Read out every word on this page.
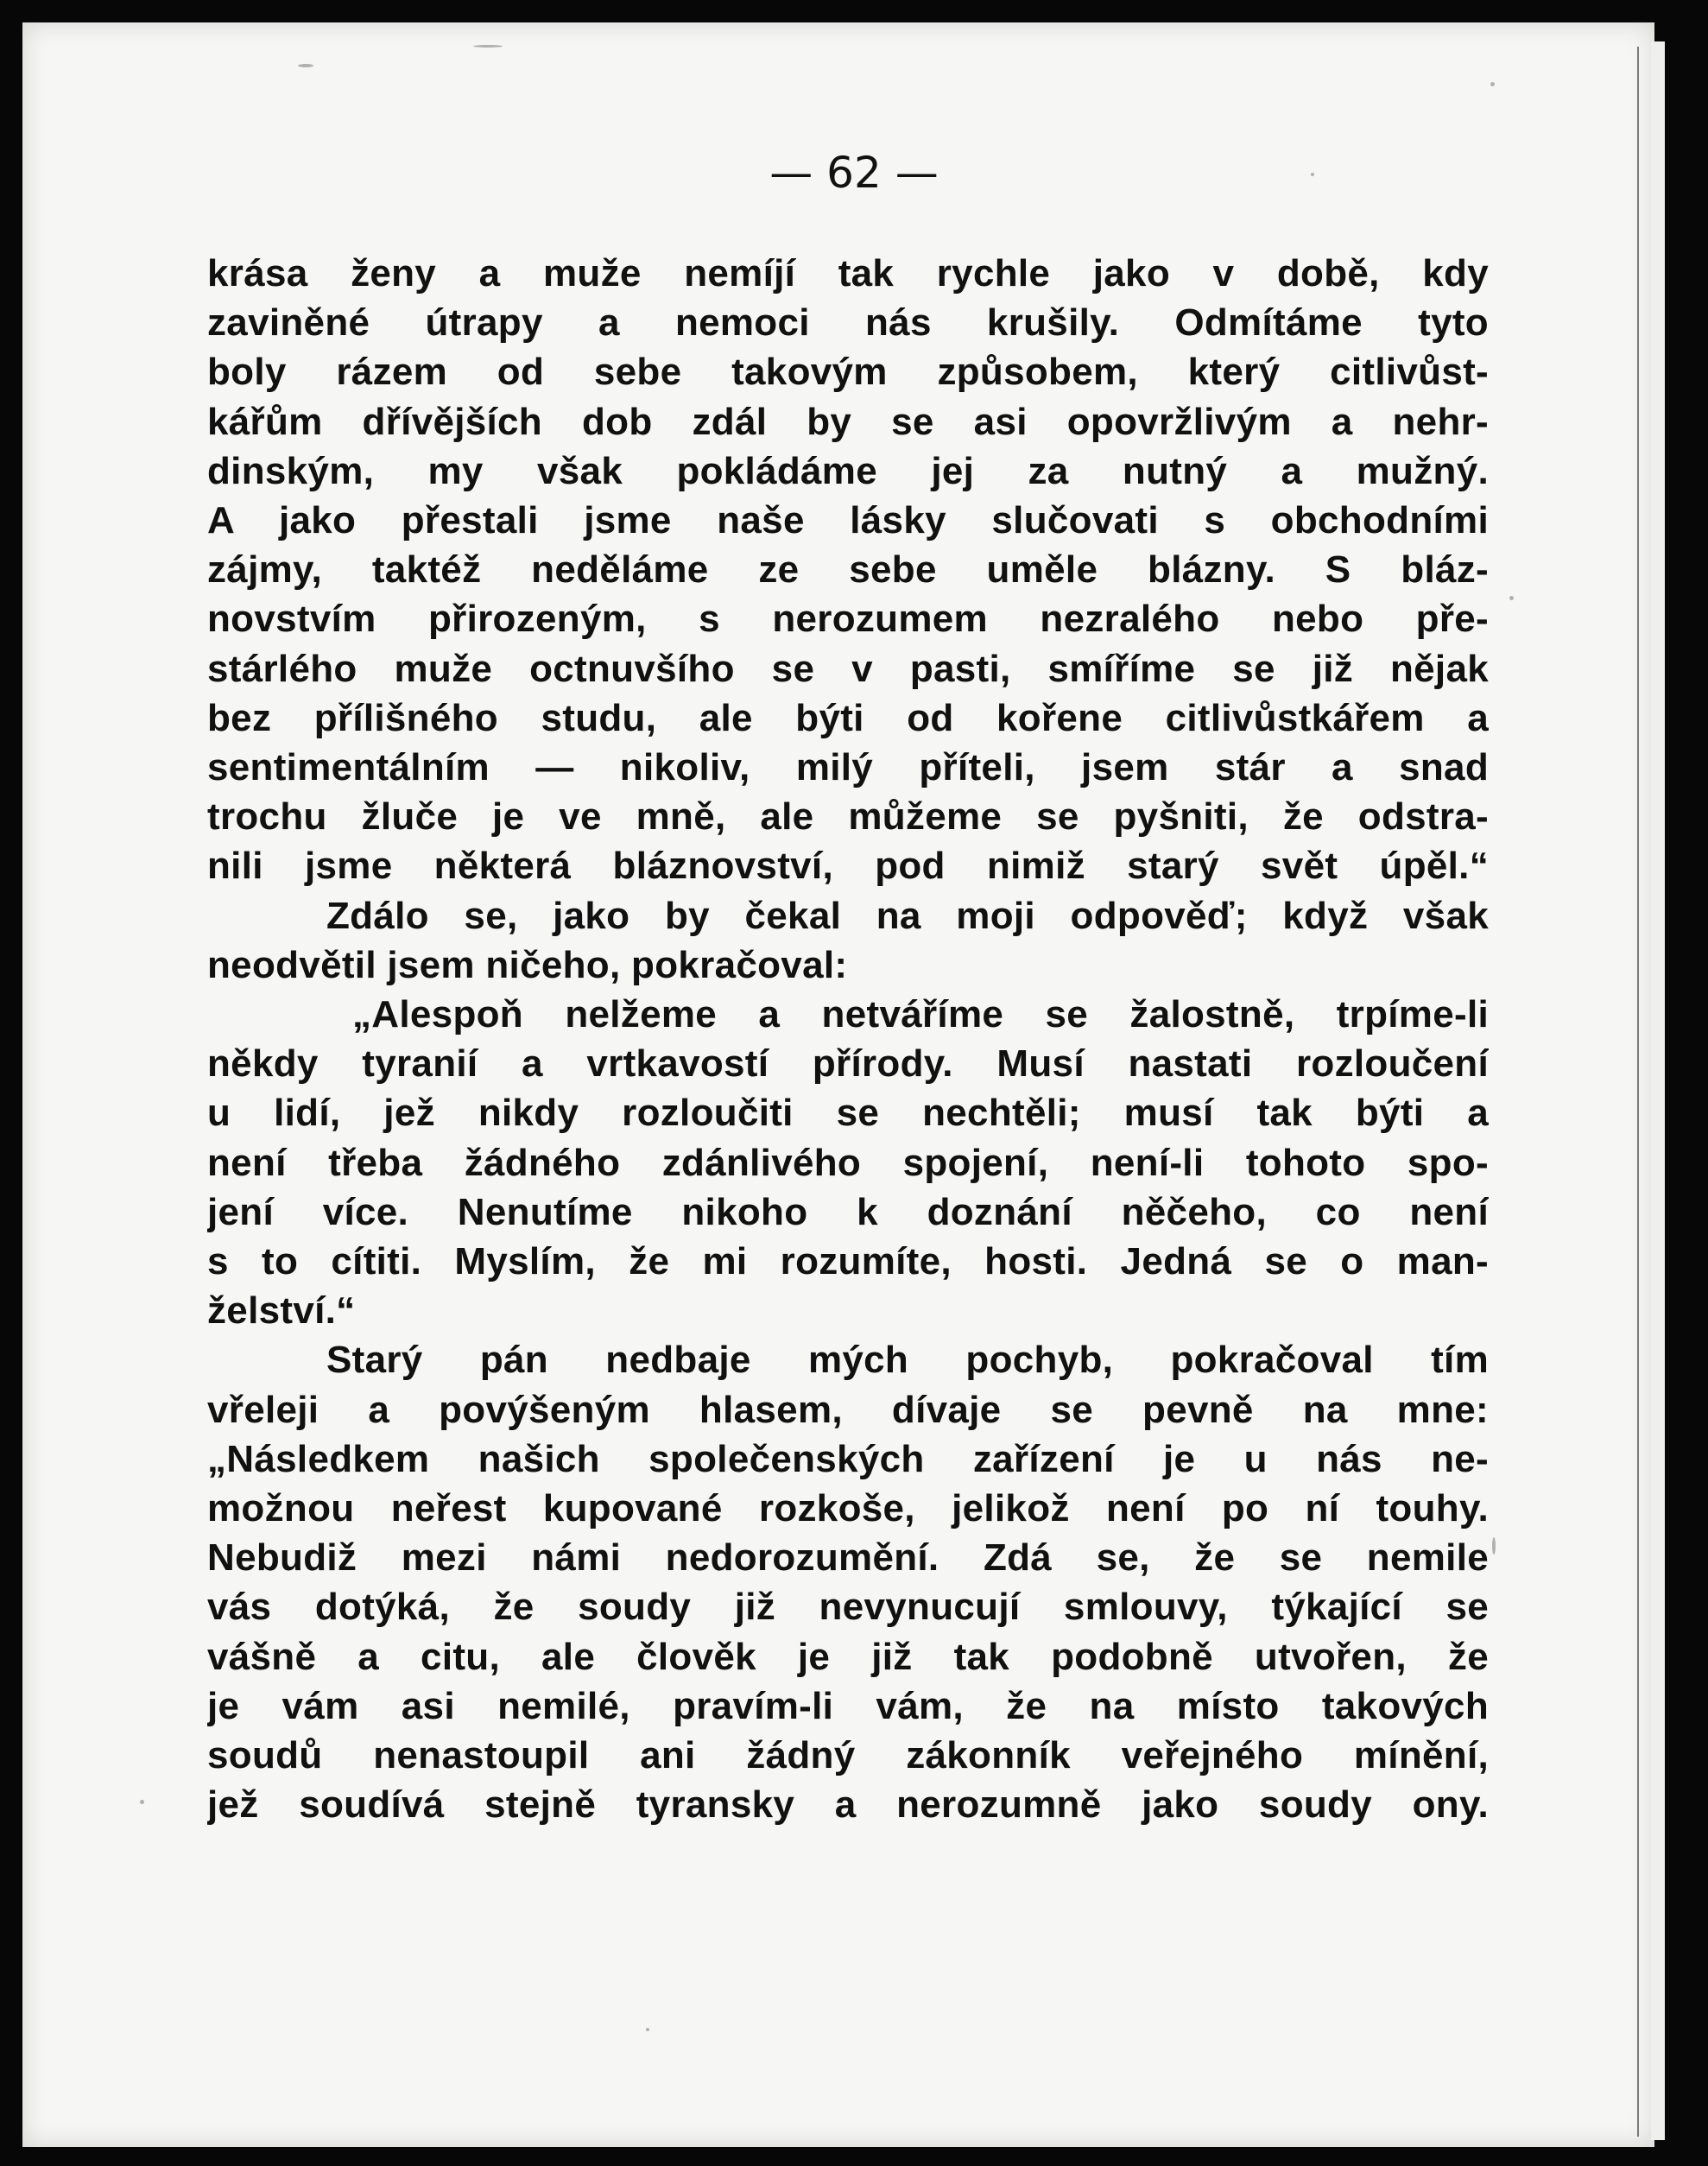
— 62 —

krása ženy a muže nemíjí tak rychle jako v době, kdy
zaviněné útrapy a nemoci nás krušily. Odmítáme tyto
boly rázem od sebe takovým způsobem, který citlivůst-
kářům dřívějších dob zdál by se asi opovržlivým a nehr-
dinským, my však pokládáme jej za nutný a mužný.
A jako přestali jsme naše lásky slučovati s obchodními
zájmy, taktéž neděláme ze sebe uměle blázny. S bláz-
novstvím přirozeným, s nerozumem nezralého nebo pře-
stárlého muže octnuvšího se v pasti, smíříme se již nějak
bez přílišného studu, ale býti od kořene citlivůstkářem a
sentimentálním — nikoliv, milý příteli, jsem stár a snad
trochu žluče je ve mně, ale můžeme se pyšniti, že odstra-
nili jsme některá bláznovství, pod nimiž starý svět úpěl.“

Zdálo se, jako by čekal na moji odpověď; když však
neodvětil jsem ničeho, pokračoval:

„Alespoň nelžeme a netváříme se žalostně, trpíme-li
někdy tyranií a vrtkavostí přírody. Musí nastati rozloučení
u lidí, jež nikdy rozloučiti se nechtěli; musí tak býti a
není třeba žádného zdánlivého spojení, není-li tohoto spo-
jení více. Nenutíme nikoho k doznání něčeho, co není
s to cítiti. Myslím, že mi rozumíte, hosti. Jedná se o man-
želství.“

Starý pán nedbaje mých pochyb, pokračoval tím
vřeleji a povýšeným hlasem, dívaje se pevně na mne:
„Následkem našich společenských zařízení je u nás ne-
možnou neřest kupované rozkoše, jelikož není po ní touhy.
Nebudiž mezi námi nedorozumění. Zdá se, že se nemile
vás dotýká, že soudy již nevynucují smlouvy, týkající se
vášně a citu, ale člověk je již tak podobně utvořen, že
je vám asi nemilé, pravím-li vám, že na místo takových
soudů nenastoupil ani žádný zákonník veřejného mínění,
jež soudívá stejně tyransky a nerozumně jako soudy ony.
